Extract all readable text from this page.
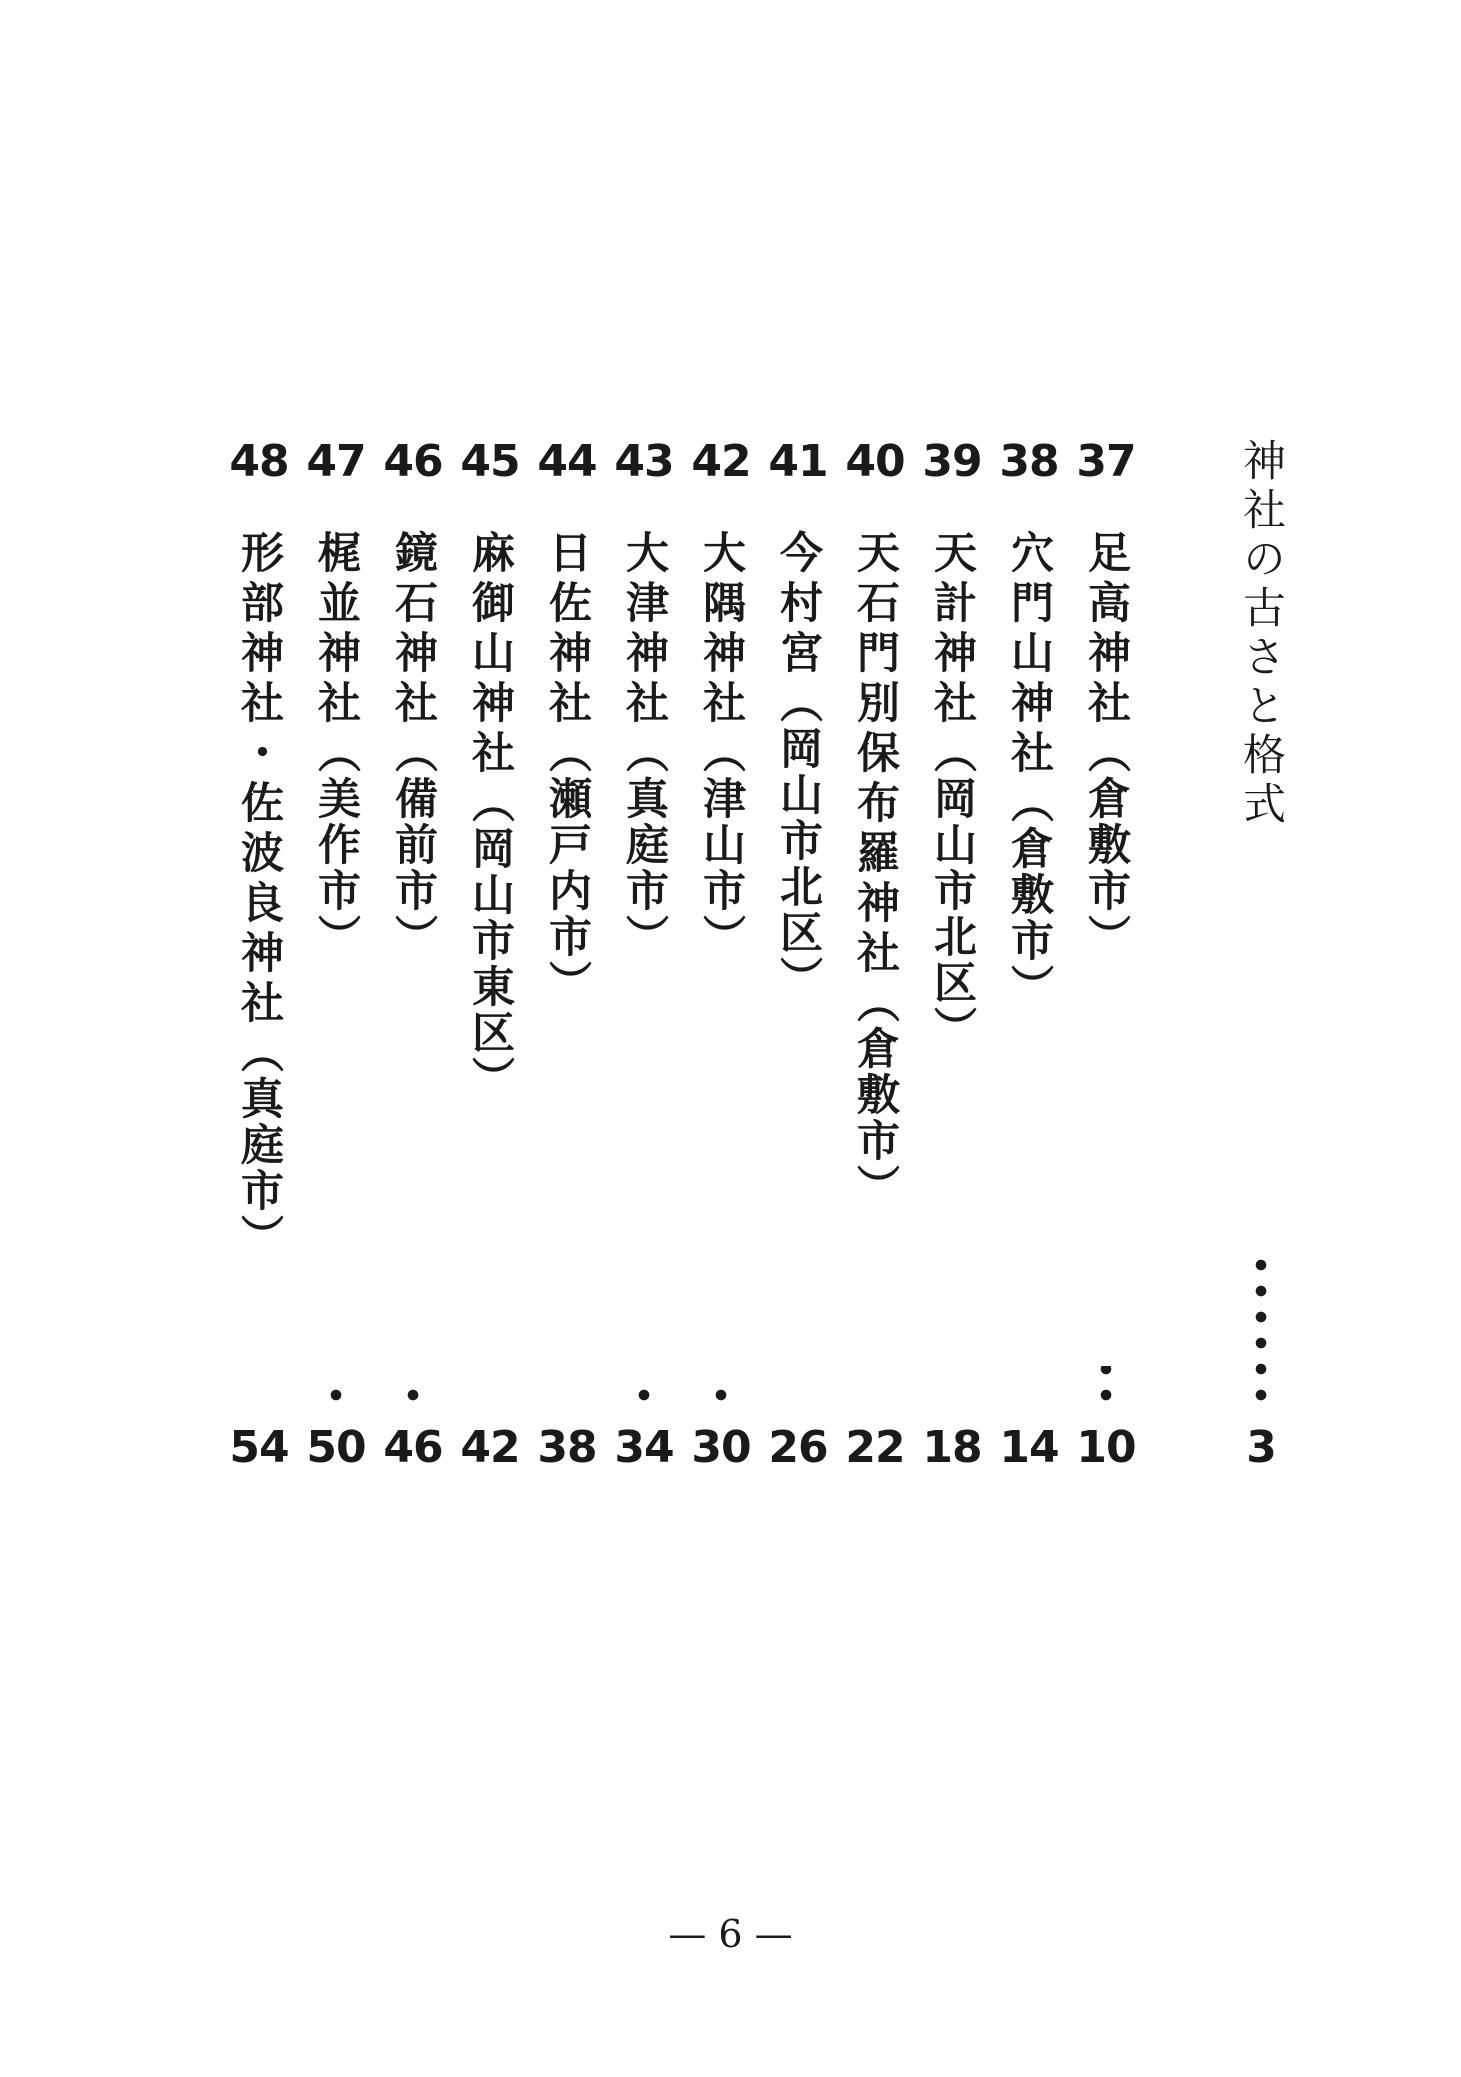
神社の古さと格式
3
37
足高神社（倉敷市）
10
38
穴門山神社（倉敷市）
14
39
天計神社（岡山市北区）
18
40
天石門別保布羅神社（倉敷市）
22
41
今村宮（岡山市北区）
26
42
大隅神社（津山市）
30
43
大津神社（真庭市）
34
44
日佐神社（瀬戸内市）
38
45
麻御山神社（岡山市東区）
42
46
鏡石神社（備前市）
46
47
梶並神社（美作市）
50
48
形部神社・佐波良神社（真庭市）
54
— 6 —
